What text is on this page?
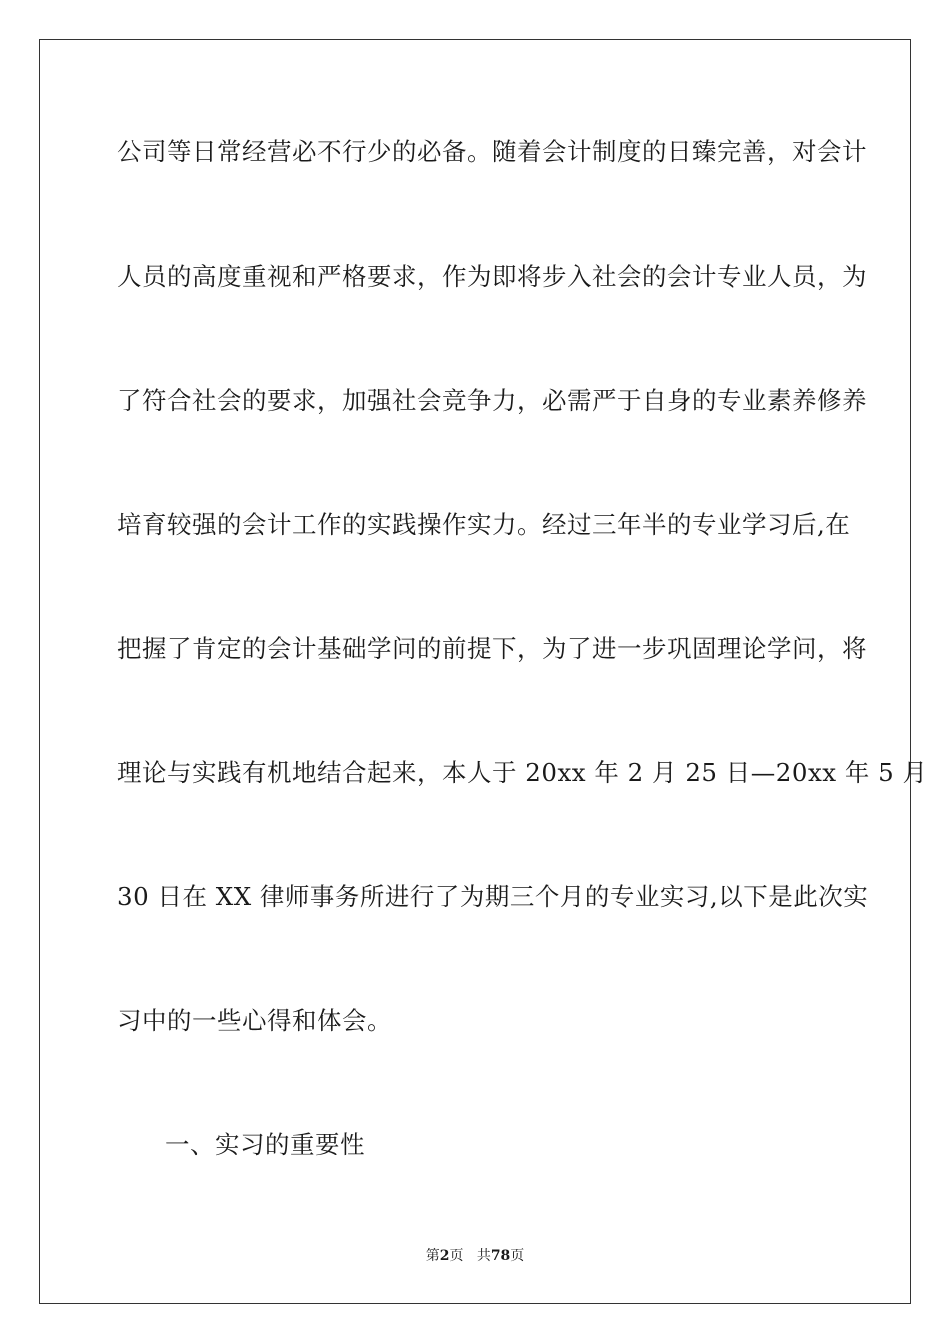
公司等日常经营必不行少的必备。随着会计制度的日臻完善，对会计
人员的高度重视和严格要求，作为即将步入社会的会计专业人员，为
了符合社会的要求，加强社会竞争力，必需严于自身的专业素养修养
培育较强的会计工作的实践操作实力。经过三年半的专业学习后,在
把握了肯定的会计基础学问的前提下，为了进一步巩固理论学问，将
理论与实践有机地结合起来，本人于 20xx 年 2 月 25 日—20xx 年 5 月
30 日在 XX 律师事务所进行了为期三个月的专业实习,以下是此次实
习中的一些心得和体会。
一、实习的重要性
第2页 共78页
